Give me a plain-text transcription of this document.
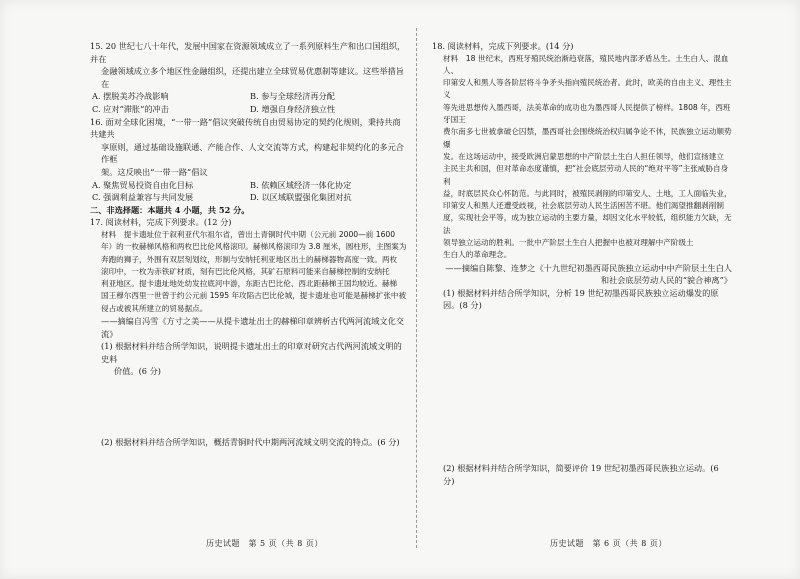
15. 20 世纪七八十年代，发展中国家在资源领域成立了一系列原料生产和出口国组织，并在

金融领域成立多个地区性金融组织，还提出建立全球贸易优惠制等建议。这些举措旨在

A. 摆脱美苏冷战影响	B. 参与全球经济再分配
C. 应对“滞胀”的冲击	D. 增强自身经济独立性

16. 面对全球化困境，“一带一路”倡议突破传统自由贸易协定的契约化规则，秉持共商共建共

享原则，通过基础设施联通、产能合作、人文交流等方式，构建起非契约化的多元合作框

架。这反映出“一带一路”倡议

A. 聚焦贸易投资自由化目标	B. 依赖区域经济一体化协定
C. 强调利益兼容与共同发展	D. 以区域联盟强化集团对抗

二、非选择题：本题共 4 小题，共 52 分。

17. 阅读材料，完成下列要求。(12 分)

材料　提卡遗址位于叙利亚代尔祖尔省，曾出土青铜时代中期（公元前 2000—前 1600

年）的一枚赫梯风格和两枚巴比伦风格滚印。赫梯风格滚印为 3.8 厘米，圆柱形，主图案为

奔跑的狮子，外围有双层刻划纹，形制与安纳托利亚地区出土的赫梯器物高度一致。两枚

滚印中，一枚为赤铁矿材质，刻有巴比伦风格，其矿石原料可能来自赫梯控制的安纳托

利亚地区。提卡遗址地处幼发拉底河中游，东距古巴比伦、西北距赫梯王国均较近。赫梯

国王穆尔西里一世曾于约公元前 1595 年攻陷古巴比伦城，提卡遗址也可能是赫梯扩张中被

侵占或被其所建立的贸易据点。

——摘编自冯雪《方寸之美——从提卡遗址出土的赫梯印章辨析古代两河流域文化交流》

(1) 根据材料并结合所学知识，说明提卡遗址出土的印章对研究古代两河流域文明的史料

价值。(6 分)

(2) 根据材料并结合所学知识，概括青铜时代中期两河流域文明交流的特点。(6 分)

18. 阅读材料，完成下列要求。(14 分)

材料　18 世纪末，西班牙殖民统治渐趋衰落，殖民地内部矛盾丛生。土生白人、混血人、

印第安人和黑人等各阶层将斗争矛头指向殖民统治者。此时，欧美的自由主义、理性主义

等先进思想传入墨西哥，法美革命的成功也为墨西哥人民提供了榜样。1808 年，西班牙国王

费尔南多七世被拿破仑囚禁，墨西哥社会围绕统治权归属争论不休，民族独立运动顺势爆

发。在这场运动中，接受欧洲启蒙思想的中产阶层土生白人担任领导，他们宣扬建立

主民主共和国，但对革命态度谨慎，把“社会底层劳动人民的“绝对平等”主张威胁自身利

益，时底层民众心怀防范。与此同时，被殖民剥削的印第安人、土地，工人面临失业，

印第安人和黑人还遭受歧视，社会底层劳动人民生活困苦不堪。他们渴望推翻剥削制

度，实现社会平等，成为独立运动的主要力量，却因文化水平较低，组织能力欠缺，无法

领导独立运动的胜利。一批中产阶层土生白人把握中也被对理解中产阶级土

生白人的革命理念。

——摘编自陈黎、连梦之《十九世纪初墨西哥民族独立运动中中产阶层土生白人

和社会底层劳动人民的“貌合神离”》

(1) 根据材料并结合所学知识，分析 19 世纪初墨西哥民族独立运动爆发的原因。(8 分)

(2) 根据材料并结合所学知识，简要评价 19 世纪初墨西哥民族独立运动。(6 分)

历史试题　第 5 页（共 8 页）	历史试题　第 6 页（共 8 页）
